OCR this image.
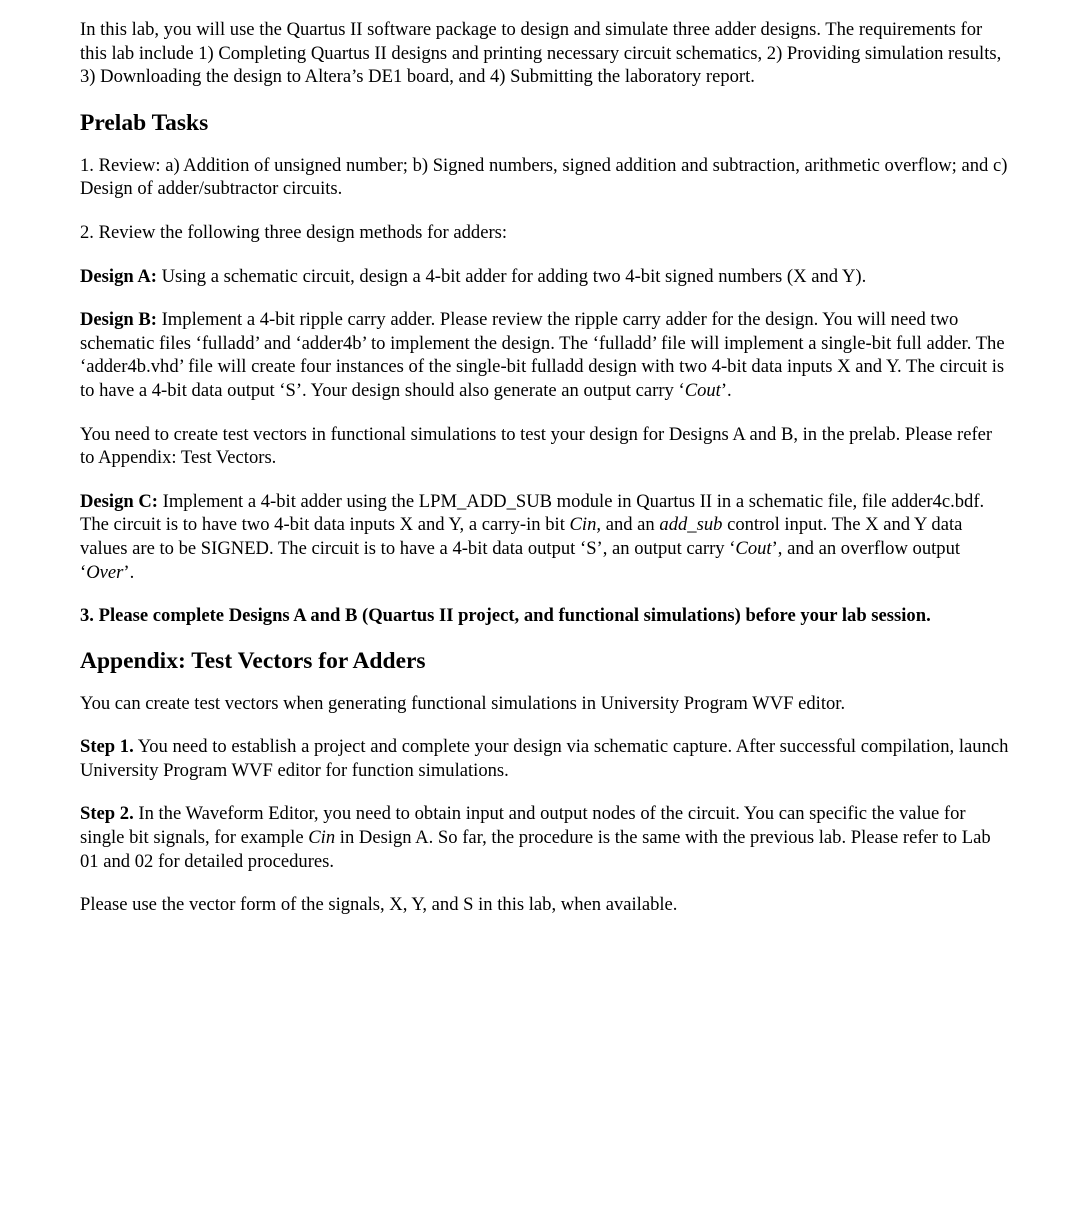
In this lab, you will use the Quartus II software package to design and simulate three adder designs. The requirements for this lab include 1) Completing Quartus II designs and printing necessary circuit schematics, 2) Providing simulation results, 3) Downloading the design to Altera’s DE1 board, and 4) Submitting the laboratory report.

Prelab Tasks

1. Review: a) Addition of unsigned number; b) Signed numbers, signed addition and subtraction, arithmetic overflow; and c) Design of adder/subtractor circuits.

2. Review the following three design methods for adders:

Design A: Using a schematic circuit, design a 4-bit adder for adding two 4-bit signed numbers (X and Y).

Design B: Implement a 4-bit ripple carry adder. Please review the ripple carry adder for the design. You will need two schematic files ‘fulladd’ and ‘adder4b’ to implement the design. The ‘fulladd’ file will implement a single-bit full adder. The ‘adder4b.vhd’ file will create four instances of the single-bit fulladd design with two 4-bit data inputs X and Y. The circuit is to have a 4-bit data output ‘S’. Your design should also generate an output carry ‘Cout’.

You need to create test vectors in functional simulations to test your design for Designs A and B, in the prelab. Please refer to Appendix: Test Vectors.

Design C: Implement a 4-bit adder using the LPM_ADD_SUB module in Quartus II in a schematic file, file adder4c.bdf. The circuit is to have two 4-bit data inputs X and Y, a carry-in bit Cin, and an add_sub control input. The X and Y data values are to be SIGNED. The circuit is to have a 4-bit data output ‘S’, an output carry ‘Cout’, and an overflow output ‘Over’.

3. Please complete Designs A and B (Quartus II project, and functional simulations) before your lab session.

Appendix: Test Vectors for Adders

You can create test vectors when generating functional simulations in University Program WVF editor.

Step 1. You need to establish a project and complete your design via schematic capture. After successful compilation, launch University Program WVF editor for function simulations.

Step 2. In the Waveform Editor, you need to obtain input and output nodes of the circuit. You can specific the value for single bit signals, for example Cin in Design A. So far, the procedure is the same with the previous lab. Please refer to Lab 01 and 02 for detailed procedures.

Please use the vector form of the signals, X, Y, and S in this lab, when available.
